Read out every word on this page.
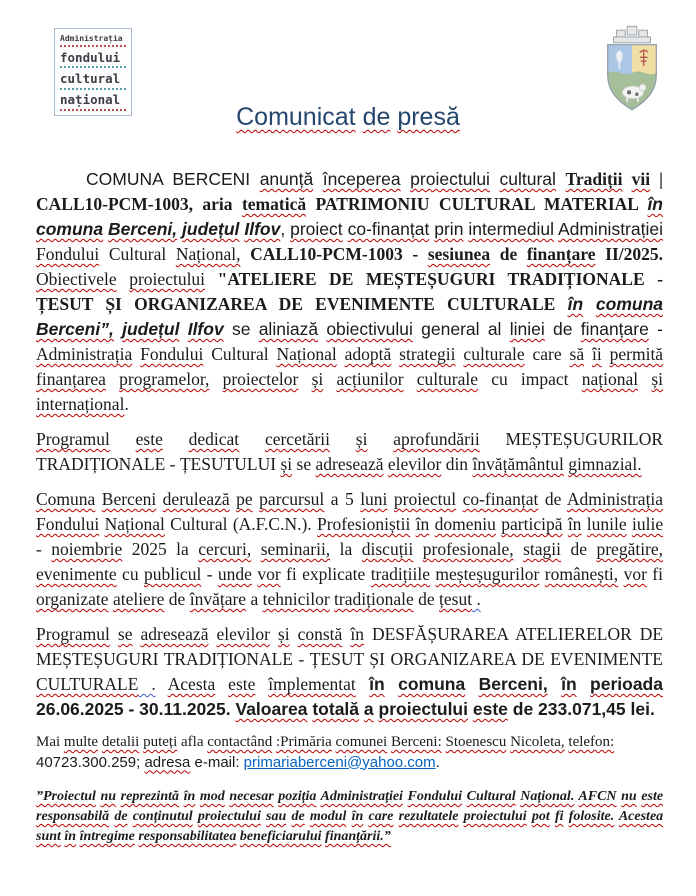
Administrația
fondului
cultural
național
Comunicat de presă

COMUNA BERCENI anunță începerea proiectului cultural Tradiții vii | CALL10-PCM-1003, aria tematică PATRIMONIU CULTURAL MATERIAL în comuna Berceni, județul Ilfov, proiect co-finanțat prin intermediul Administrației Fondului Cultural Național, CALL10-PCM-1003 - sesiunea de finanțare II/2025. Obiectivele proiectului "ATELIERE DE MEȘTEȘUGURI TRADIȚIONALE - ȚESUT ȘI ORGANIZAREA DE EVENIMENTE CULTURALE în comuna Berceni”, județul Ilfov se aliniază obiectivului general al liniei de finanțare - Administrația Fondului Cultural Național adoptă strategii culturale care să îi permită finanțarea programelor, proiectelor și acțiunilor culturale cu impact național și internațional.

Programul este dedicat cercetării și aprofundării MEȘTEȘUGURILOR TRADIȚIONALE - ȚESUTULUI și se adresează elevilor din învățământul gimnazial.

Comuna Berceni derulează pe parcursul a 5 luni proiectul co-finanțat de Administrația Fondului Național Cultural (A.F.C.N.). Profesioniștii în domeniu participă în lunile iulie - noiembrie 2025 la cercuri, seminarii, la discuții profesionale, stagii de pregătire, evenimente cu publicul - unde vor fi explicate tradițiile meșteșugurilor românești, vor fi organizate ateliere de învățare a tehnicilor tradiționale de țesut .

Programul se adresează elevilor și constă în DESFĂȘURAREA ATELIERELOR DE MEȘTEȘUGURI TRADIȚIONALE - ȚESUT ȘI ORGANIZAREA DE EVENIMENTE CULTURALE . Acesta este împlementat în comuna Berceni, în perioada 26.06.2025 - 30.11.2025. Valoarea totală a proiectului este de 233.071,45 lei.

Mai multe detalii puteți afla contactând :Primăria comunei Berceni: Stoenescu Nicoleta, telefon: 40723.300.259; adresa e-mail: primariaberceni@yahoo.com.

”Proiectul nu reprezintă în mod necesar poziția Administrației Fondului Cultural Național. AFCN nu este responsabilă de conținutul proiectului sau de modul în care rezultatele proiectului pot fi folosite. Acestea sunt în întregime responsabilitatea beneficiarului finanțării.”
